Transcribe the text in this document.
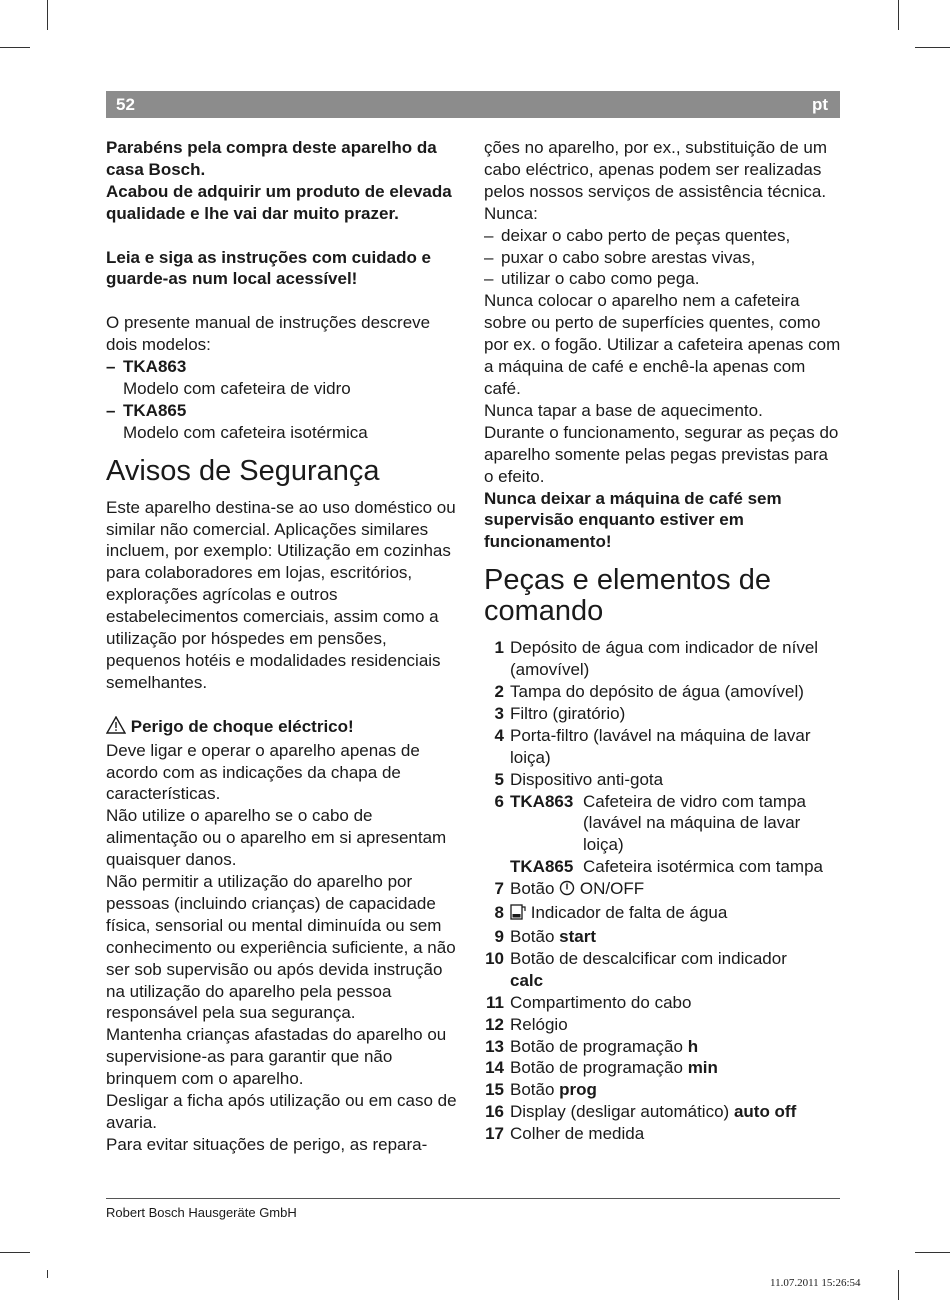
52	pt

Parabéns pela compra deste aparelho da casa Bosch.

Acabou de adquirir um produto de elevada qualidade e lhe vai dar muito prazer.

Leia e siga as instruções com cuidado e guarde-as num local acessível!

O presente manual de instruções descreve dois modelos:

– TKA863

Modelo com cafeteira de vidro

– TKA865

Modelo com cafeteira isotérmica

Avisos de Segurança

Este aparelho destina-se ao uso doméstico ou similar não comercial. Aplicações similares incluem, por exemplo: Utilização em cozinhas para colaboradores em lojas, escritórios, explorações agrícolas e outros estabelecimentos comerciais, assim como a utilização por hóspedes em pensões, pequenos hotéis e modalidades residenciais semelhantes.

Perigo de choque eléctrico!

Deve ligar e operar o aparelho apenas de acordo com as indicações da chapa de características.

Não utilize o aparelho se o cabo de alimentação ou o aparelho em si apresentam quaisquer danos.

Não permitir a utilização do aparelho por pessoas (incluindo crianças) de capacidade física, sensorial ou mental diminuída ou sem conhecimento ou experiência suficiente, a não ser sob supervisão ou após devida instrução na utilização do aparelho pela pessoa responsável pela sua segurança.

Mantenha crianças afastadas do aparelho ou supervisione-as para garantir que não brinquem com o aparelho.

Desligar a ficha após utilização ou em caso de avaria.

Para evitar situações de perigo, as repara-

ções no aparelho, por ex., substituição de um cabo eléctrico, apenas podem ser realizadas pelos nossos serviços de assistência técnica.

Nunca:

– deixar o cabo perto de peças quentes,

– puxar o cabo sobre arestas vivas,

– utilizar o cabo como pega.

Nunca colocar o aparelho nem a cafeteira sobre ou perto de superfícies quentes, como por ex. o fogão. Utilizar a cafeteira apenas com a máquina de café e enchê-la apenas com café.

Nunca tapar a base de aquecimento.

Durante o funcionamento, segurar as peças do aparelho somente pelas pegas previstas para o efeito.

Nunca deixar a máquina de café sem supervisão enquanto estiver em funcionamento!

Peças e elementos de comando
1 Depósito de água com indicador de nível (amovível)
2 Tampa do depósito de água (amovível)
3 Filtro (giratório)
4 Porta-filtro (lavável na máquina de lavar loiça)
5 Dispositivo anti-gota
6 TKA863 Cafeteira de vidro com tampa (lavável na máquina de lavar loiça)
TKA865 Cafeteira isotérmica com tampa
7 Botão ON/OFF
8 Indicador de falta de água
9 Botão start
10 Botão de descalcificar com indicador
calc
11 Compartimento do cabo
12 Relógio
13 Botão de programação h
14 Botão de programação min
15 Botão prog
16 Display (desligar automático) auto off
17 Colher de medida
Robert Bosch Hausgeräte GmbH
11.07.2011 15:26:54
